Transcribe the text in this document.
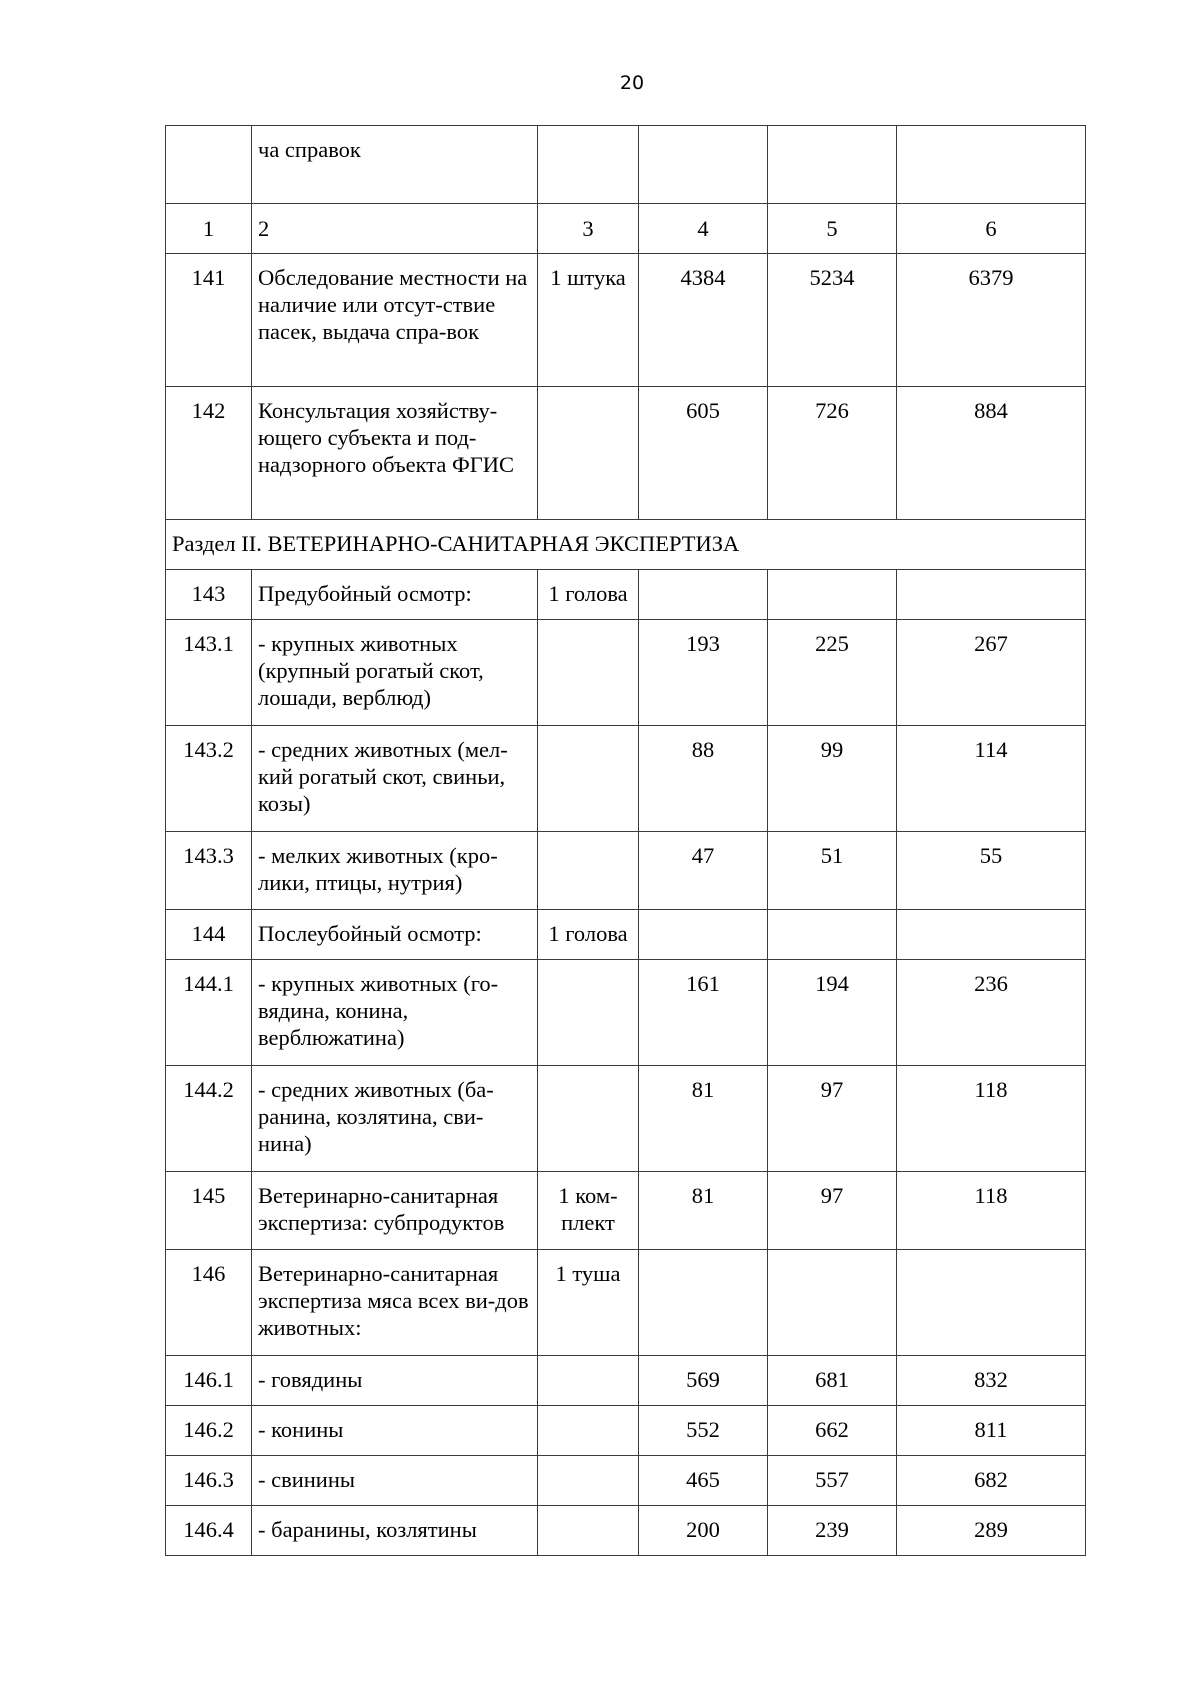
20
	ча справок				
1	2	3	4	5	6
141	Обследование местности на наличие или отсут-ствие пасек, выдача спра-вок	1 штука	4384	5234	6379
142	Консультация хозяйству-ющего субъекта и под-надзорного объекта ФГИС		605	726	884
Раздел II. ВЕТЕРИНАРНО-САНИТАРНАЯ ЭКСПЕРТИЗА					
143	Предубойный осмотр:	1 голова			
143.1	- крупных животных (крупный рогатый скот, лошади, верблюд)		193	225	267
143.2	- средних животных (мел-кий рогатый скот, свиньи, козы)		88	99	114
143.3	- мелких животных (кро-лики, птицы, нутрия)		47	51	55
144	Послеубойный осмотр:	1 голова			
144.1	- крупных животных (го-вядина, конина, верблюжатина)		161	194	236
144.2	- средних животных (ба-ранина, козлятина, сви-нина)		81	97	118
145	Ветеринарно-санитарная экспертиза: субпродуктов	1 ком-плект	81	97	118
146	Ветеринарно-санитарная экспертиза мяса всех ви-дов животных:	1 туша			
146.1	- говядины		569	681	832
146.2	- конины		552	662	811
146.3	- свинины		465	557	682
146.4	- баранины, козлятины		200	239	289
